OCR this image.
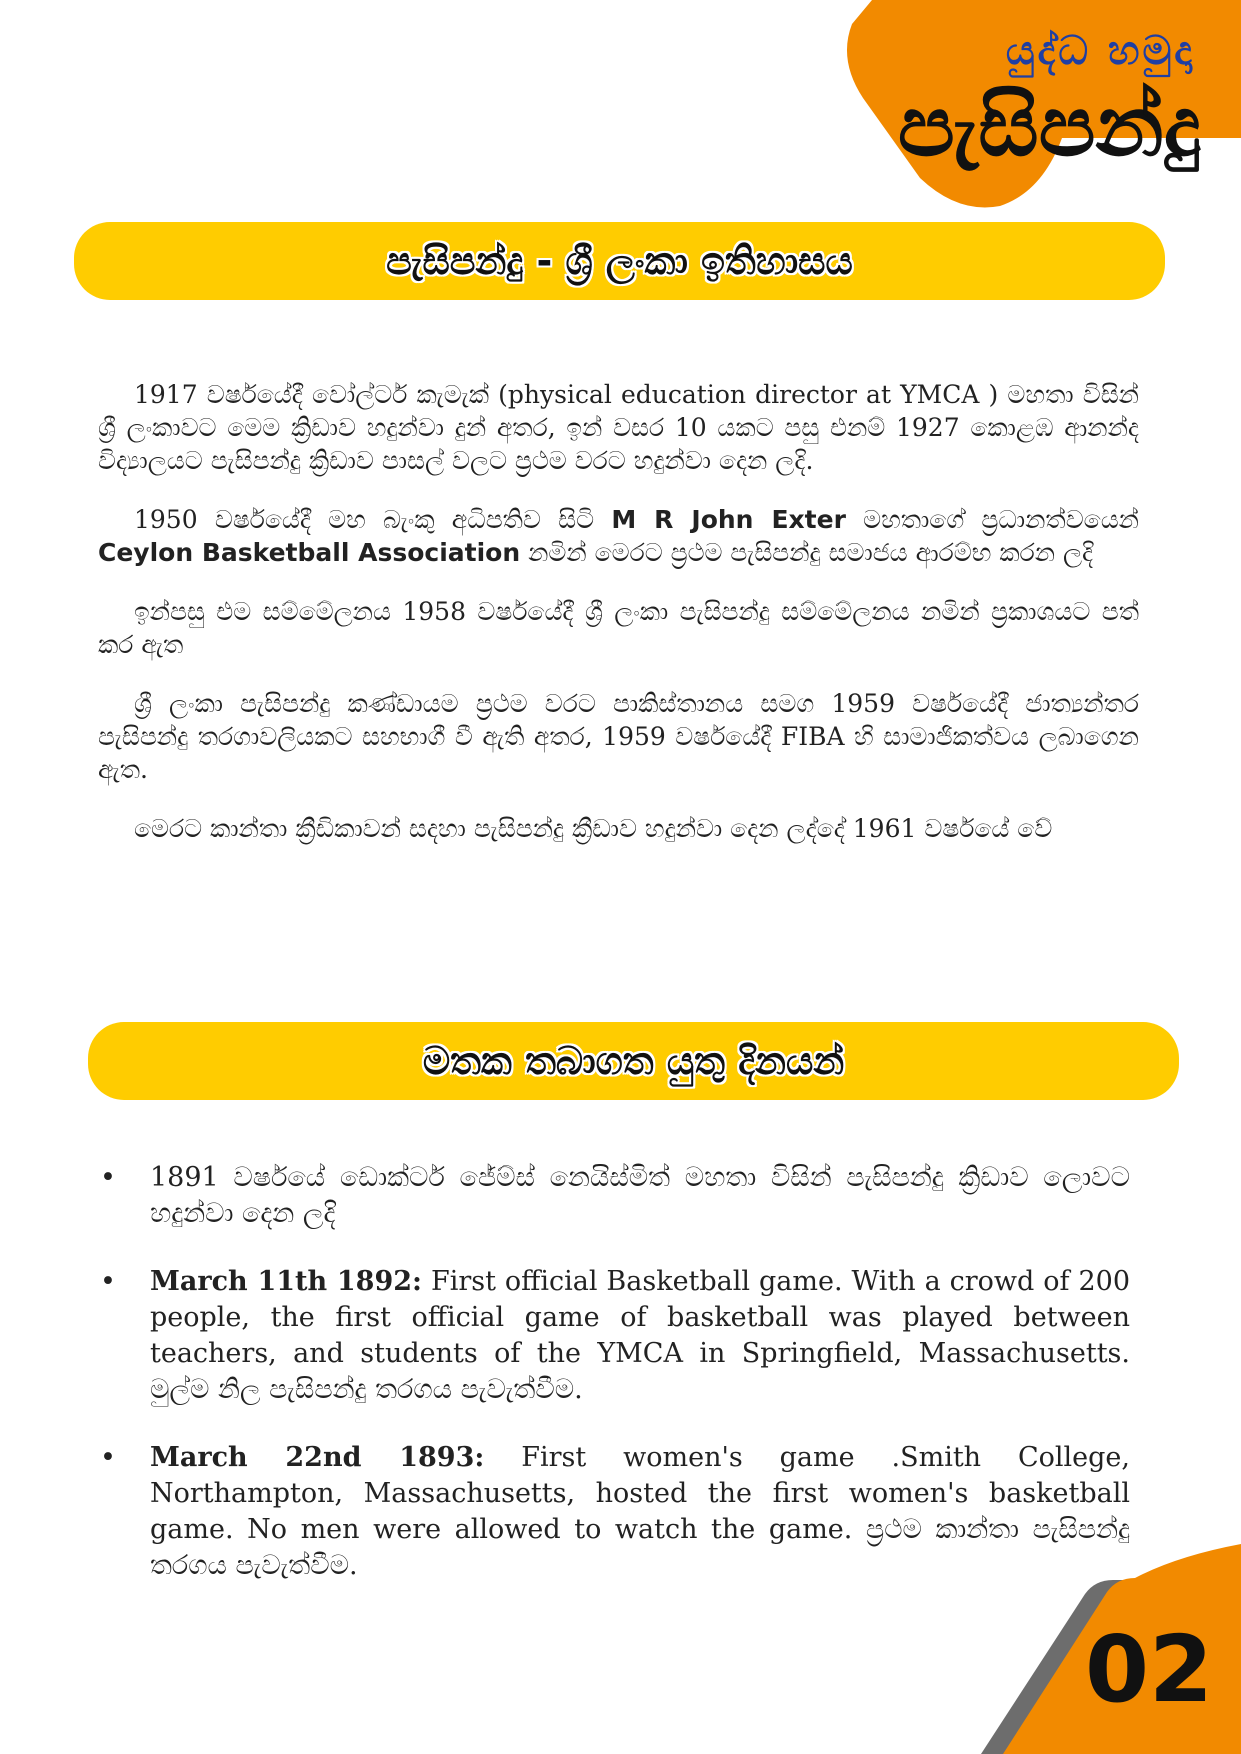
යුද්ධ හමුදා
පැසිපන්දු
පැසිපන්දු - ශ්‍රී ලංකා ඉතිහාසය

1917 වර්ෂයේදී වෝල්ටර් කැමැක් (physical education director at YMCA ) මහතා විසින් ශ්‍රී ලංකාවට මෙම ක්‍රිඩාව හදුන්වා දුන් අතර, ඉන් වසර 10 යකට පසු එනම් 1927 කොළඹ ආනන්ද විද්‍යාලයට පැසිපන්දු ක්‍රිඩාව පාසල් වලට ප්‍රථම වරට හදුන්වා දෙන ලදි.

1950 වර්ෂයේදී මහ බැංකු අධිපතිව සිටි M R John Exter මහතාගේ ප්‍රධානත්වයෙන් Ceylon Basketball Association නමින් මෙරට ප්‍රථම පැසිපන්දු සමාජය ආරම්භ කරන ලදි

ඉන්පසු එම සම්මේලනය 1958 වර්ෂයේදී ශ්‍රී ලංකා පැසිපන්දු සම්මේලනය නමින් ප්‍රකාශයට පත් කර ඇත

ශ්‍රී ලංකා පැසිපන්දු කණ්ඩායම ප්‍රථම වරට පාකිස්තානය සමග 1959 වර්ෂයේදී ජාත්‍යන්තර පැසිපන්දු තරගාවලියකට සහභාගී වී ඇති අතර, 1959 වර්ෂයේදී FIBA හි සාමාජිකත්වය ලබාගෙන ඇත.

මෙරට කාන්තා ක්‍රීඩිකාවන් සදහා පැසිපන්දු ක්‍රීඩාව හදුන්වා දෙන ලද්දේ 1961 වර්ෂයේ වේ

මතක තබාගත යුතු දිනයන්
• 1891 වර්ෂයේ ඩොක්ටර් ජේම්ස් නෙයිස්මිත් මහතා විසින් පැසිපන්දු ක්‍රිඩාව ලොවට හදුන්වා දෙන ලදි
• March 11th 1892: First official Basketball game. With a crowd of 200 people, the first official game of basketball was played between teachers, and students of the YMCA in Springfield, Massachusetts. මුල්ම නිල පැසිපන්දු තරගය පැවැත්වීම.
• March 22nd 1893: First women's game .Smith College, Northampton, Massachusetts, hosted the first women's basketball game. No men were allowed to watch the game. ප්‍රථම කාන්තා පැසිපන්දු තරගය පැවැත්වීම.
02
